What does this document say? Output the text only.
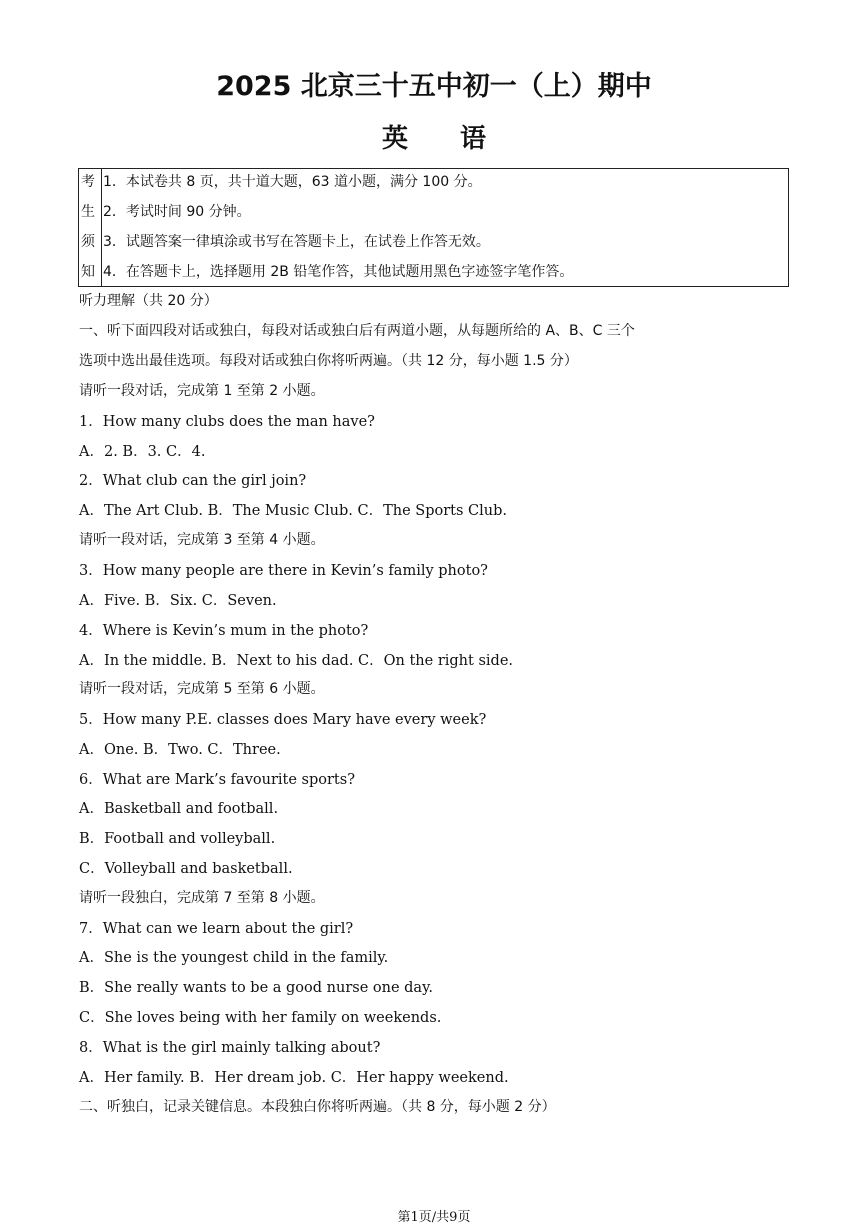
2025 北京三十五中初一（上）期中
英 语
考
生
须
知
1．本试卷共 8 页，共十道大题，63 道小题，满分 100 分。
2．考试时间 90 分钟。
3．试题答案一律填涂或书写在答题卡上，在试卷上作答无效。
4．在答题卡上，选择题用 2B 铅笔作答，其他试题用黑色字迹签字笔作答。
听力理解（共 20 分）
一、听下面四段对话或独白，每段对话或独白后有两道小题，从每题所给的 A、B、C 三个
选项中选出最佳选项。每段对话或独白你将听两遍。（共 12 分，每小题 1.5 分）
请听一段对话，完成第 1 至第 2 小题。
1．How many clubs does the man have?
A．2. B．3. C．4.
2．What club can the girl join?
A．The Art Club. B．The Music Club. C．The Sports Club.
请听一段对话，完成第 3 至第 4 小题。
3．How many people are there in Kevin’s family photo?
A．Five. B．Six. C．Seven.
4．Where is Kevin’s mum in the photo?
A．In the middle. B．Next to his dad. C．On the right side.
请听一段对话，完成第 5 至第 6 小题。
5．How many P.E. classes does Mary have every week?
A．One. B．Two. C．Three.
6．What are Mark’s favourite sports?
A．Basketball and football.
B．Football and volleyball.
C．Volleyball and basketball.
请听一段独白，完成第 7 至第 8 小题。
7．What can we learn about the girl?
A．She is the youngest child in the family.
B．She really wants to be a good nurse one day.
C．She loves being with her family on weekends.
8．What is the girl mainly talking about?
A．Her family. B．Her dream job. C．Her happy weekend.
二、听独白，记录关键信息。本段独白你将听两遍。（共 8 分，每小题 2 分）
第1页/共9页
